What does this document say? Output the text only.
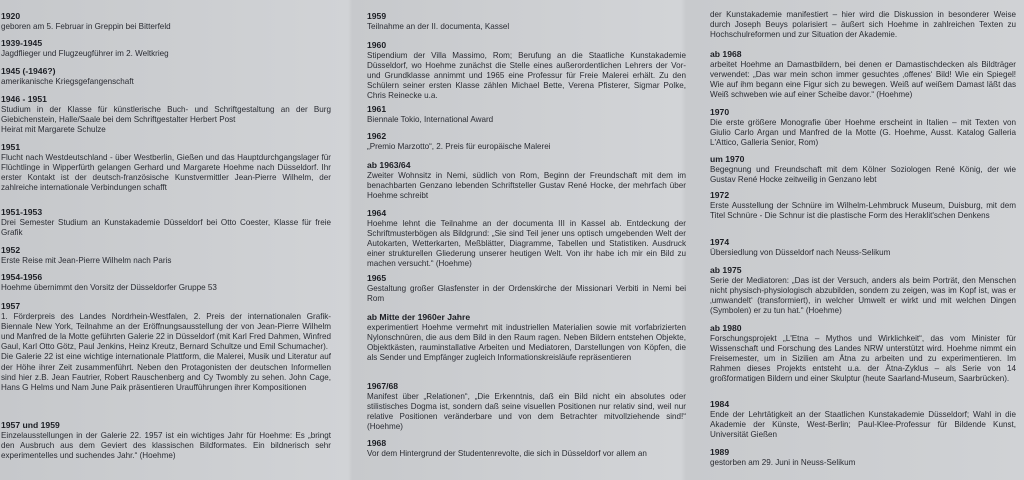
1920
geboren am 5. Februar in Greppin bei Bitterfeld
1939-1945
Jagdflieger und Flugzeugführer im 2. Weltkrieg
1945 (-1946?)
amerikanische Kriegsgefangenschaft
1946 - 1951
Studium in der Klasse für künstlerische Buch- und Schriftgestaltung an der Burg Giebichenstein, Halle/Saale bei dem Schriftgestalter Herbert Post
Heirat mit Margarete Schulze
1951
Flucht nach Westdeutschland - über Westberlin, Gießen und das Hauptdurchgangslager für Flüchtlinge in Wipperfürth gelangen Gerhard und Margarete Hoehme nach Düsseldorf. Ihr erster Kontakt ist der deutsch-französische Kunstvermittler Jean-Pierre Wilhelm, der zahlreiche internationale Verbindungen schafft
1951-1953
Drei Semester Studium an Kunstakademie Düsseldorf bei Otto Coester, Klasse für freie Grafik
1952
Erste Reise mit Jean-Pierre Wilhelm nach Paris
1954-1956
Hoehme übernimmt den Vorsitz der Düsseldorfer Gruppe 53
1957
1. Förderpreis des Landes Nordrhein-Westfalen, 2. Preis der internationalen Grafik-Biennale New York, Teilnahme an der Eröffnungsausstellung der von Jean-Pierre Wilhelm und Manfred de la Motte geführten Galerie 22 in Düsseldorf (mit Karl Fred Dahmen, Winfred Gaul, Karl Otto Götz, Paul Jenkins, Heinz Kreutz, Bernard Schultze und Emil Schumacher).
Die Galerie 22 ist eine wichtige internationale Plattform, die Malerei, Musik und Literatur auf der Höhe ihrer Zeit zusammenführt. Neben den Protagonisten der deutschen Informellen sind hier z.B. Jean Fautrier, Robert Rauschenberg and Cy Twombly zu sehen. John Cage, Hans G Helms und Nam June Paik präsentieren Uraufführungen ihrer Kompositionen
1957 und 1959
Einzelausstellungen in der Galerie 22. 1957 ist ein wichtiges Jahr für Hoehme: Es „bringt den Ausbruch aus dem Geviert des klassischen Bildformates. Ein bildnerisch sehr experimentelles und suchendes Jahr.“ (Hoehme)
1959
Teilnahme an der II. documenta, Kassel
1960
Stipendium der Villa Massimo, Rom; Berufung an die Staatliche Kunstakademie Düsseldorf, wo Hoehme zunächst die Stelle eines außerordentlichen Lehrers der Vor- und Grundklasse annimmt und 1965 eine Professur für Freie Malerei erhält. Zu den Schülern seiner ersten Klasse zählen Michael Bette, Verena Pfisterer, Sigmar Polke, Chris Reinecke u.a.
1961
Biennale Tokio, International Award
1962
„Premio Marzotto“, 2. Preis für europäische Malerei
ab 1963/64
Zweiter Wohnsitz in Nemi, südlich von Rom, Beginn der Freundschaft mit dem im benachbarten Genzano lebenden Schriftsteller Gustav René Hocke, der mehrfach über Hoehme schreibt
1964
Hoehme lehnt die Teilnahme an der documenta III in Kassel ab. Entdeckung der Schriftmusterbögen als Bildgrund: „Sie sind Teil jener uns optisch umgebenden Welt der Autokarten, Wetterkarten, Meßblätter, Diagramme, Tabellen und Statistiken. Ausdruck einer strukturellen Gliederung unserer heutigen Welt. Von ihr habe ich mir ein Bild zu machen versucht.“ (Hoehme)
1965
Gestaltung großer Glasfenster in der Ordenskirche der Missionari Verbiti in Nemi bei Rom
ab Mitte der 1960er Jahre
experimentiert Hoehme vermehrt mit industriellen Materialien sowie mit vorfabrizierten Nylonschnüren, die aus dem Bild in den Raum ragen. Neben Bildern entstehen Objekte, Objektkästen, rauminstallative Arbeiten und Mediatoren, Darstellungen von Köpfen, die als Sender und Empfänger zugleich Informationskreisläufe repräsentieren
1967/68
Manifest über „Relationen“, „Die Erkenntnis, daß ein Bild nicht ein absolutes oder stilistisches Dogma ist, sondern daß seine visuellen Positionen nur relativ sind, weil nur relative Positionen veränderbare und von dem Betrachter mitvollziehende sind!“ (Hoehme)
1968
Vor dem Hintergrund der Studentenrevolte, die sich in Düsseldorf vor allem an
der Kunstakademie manifestiert – hier wird die Diskussion in besonderer Weise durch Joseph Beuys polarisiert – äußert sich Hoehme in zahlreichen Texten zu Hochschulreformen und zur Situation der Akademie.
ab 1968
arbeitet Hoehme an Damastbildern, bei denen er Damastischdecken als Bildträger verwendet: „Das war mein schon immer gesuchtes ‚offenes‘ Bild! Wie ein Spiegel! Wie auf ihm begann eine Figur sich zu bewegen. Weiß auf weißem Damast läßt das Weiß schweben wie auf einer Scheibe davor.“ (Hoehme)
1970
Die erste größere Monografie über Hoehme erscheint in Italien – mit Texten von Giulio Carlo Argan und Manfred de la Motte (G. Hoehme, Ausst. Katalog Galleria L'Attico, Galleria Senior, Rom)
um 1970
Begegnung und Freundschaft mit dem Kölner Soziologen René König, der wie Gustav René Hocke zeitweilig in Genzano lebt
1972
Erste Ausstellung der Schnüre im Wilhelm-Lehmbruck Museum, Duisburg, mit dem Titel Schnüre - Die Schnur ist die plastische Form des Heraklit'schen Denkens
1974
Übersiedlung von Düsseldorf nach Neuss-Selikum
ab 1975
Serie der Mediatoren: „Das ist der Versuch, anders als beim Porträt, den Menschen nicht physisch-physiologisch abzubilden, sondern zu zeigen, was im Kopf ist, was er ‚umwandelt‘ (transformiert), in welcher Umwelt er wirkt und mit welchen Dingen (Symbolen) er zu tun hat.“ (Hoehme)
ab 1980
Forschungsprojekt „L'Etna – Mythos und Wirklichkeit“, das vom Minister für Wissenschaft und Forschung des Landes NRW unterstützt wird. Hoehme nimmt ein Freisemester, um in Sizilien am Ätna zu arbeiten und zu experimentieren. Im Rahmen dieses Projekts entsteht u.a. der Ätna-Zyklus – als Serie von 14 großformatigen Bildern und einer Skulptur (heute Saarland-Museum, Saarbrücken).
1984
Ende der Lehrtätigkeit an der Staatlichen Kunstakademie Düsseldorf; Wahl in die Akademie der Künste, West-Berlin; Paul-Klee-Professur für Bildende Kunst, Universität Gießen
1989
gestorben am 29. Juni in Neuss-Selikum
